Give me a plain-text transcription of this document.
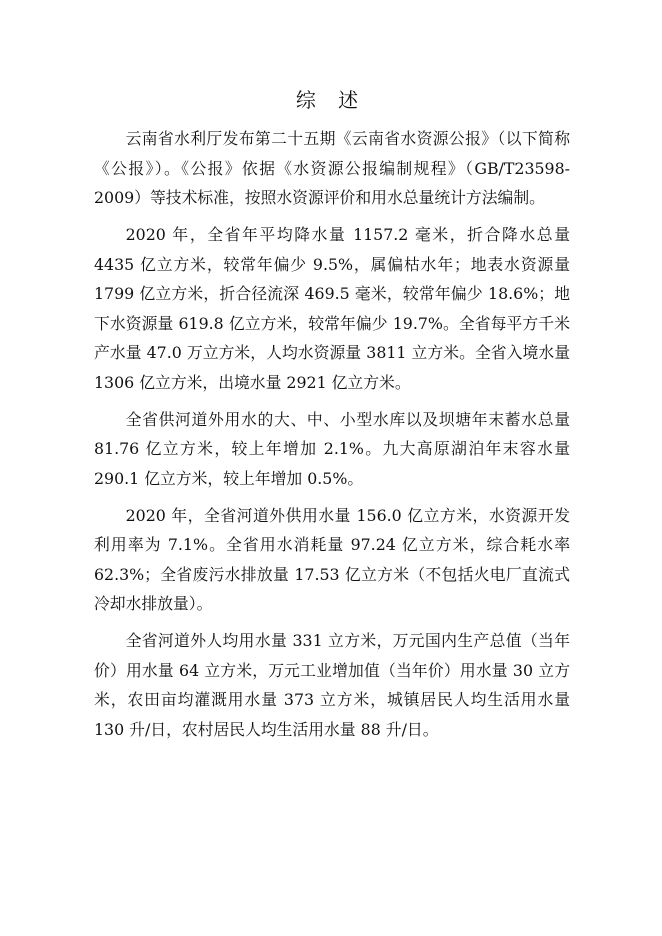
综 述

云南省水利厅发布第二十五期《云南省水资源公报》（以下简称《公报》）。《公报》依据《水资源公报编制规程》（GB/T23598-2009）等技术标准，按照水资源评价和用水总量统计方法编制。

2020 年，全省年平均降水量 1157.2 毫米，折合降水总量 4435 亿立方米，较常年偏少 9.5%，属偏枯水年；地表水资源量 1799 亿立方米，折合径流深 469.5 毫米，较常年偏少 18.6%；地下水资源量 619.8 亿立方米，较常年偏少 19.7%。全省每平方千米产水量 47.0 万立方米，人均水资源量 3811 立方米。全省入境水量 1306 亿立方米，出境水量 2921 亿立方米。

全省供河道外用水的大、中、小型水库以及坝塘年末蓄水总量 81.76 亿立方米，较上年增加 2.1%。九大高原湖泊年末容水量 290.1 亿立方米，较上年增加 0.5%。

2020 年，全省河道外供用水量 156.0 亿立方米，水资源开发利用率为 7.1%。全省用水消耗量 97.24 亿立方米，综合耗水率 62.3%；全省废污水排放量 17.53 亿立方米（不包括火电厂直流式冷却水排放量）。

全省河道外人均用水量 331 立方米，万元国内生产总值（当年价）用水量 64 立方米，万元工业增加值（当年价）用水量 30 立方米，农田亩均灌溉用水量 373 立方米，城镇居民人均生活用水量 130 升/日，农村居民人均生活用水量 88 升/日。
